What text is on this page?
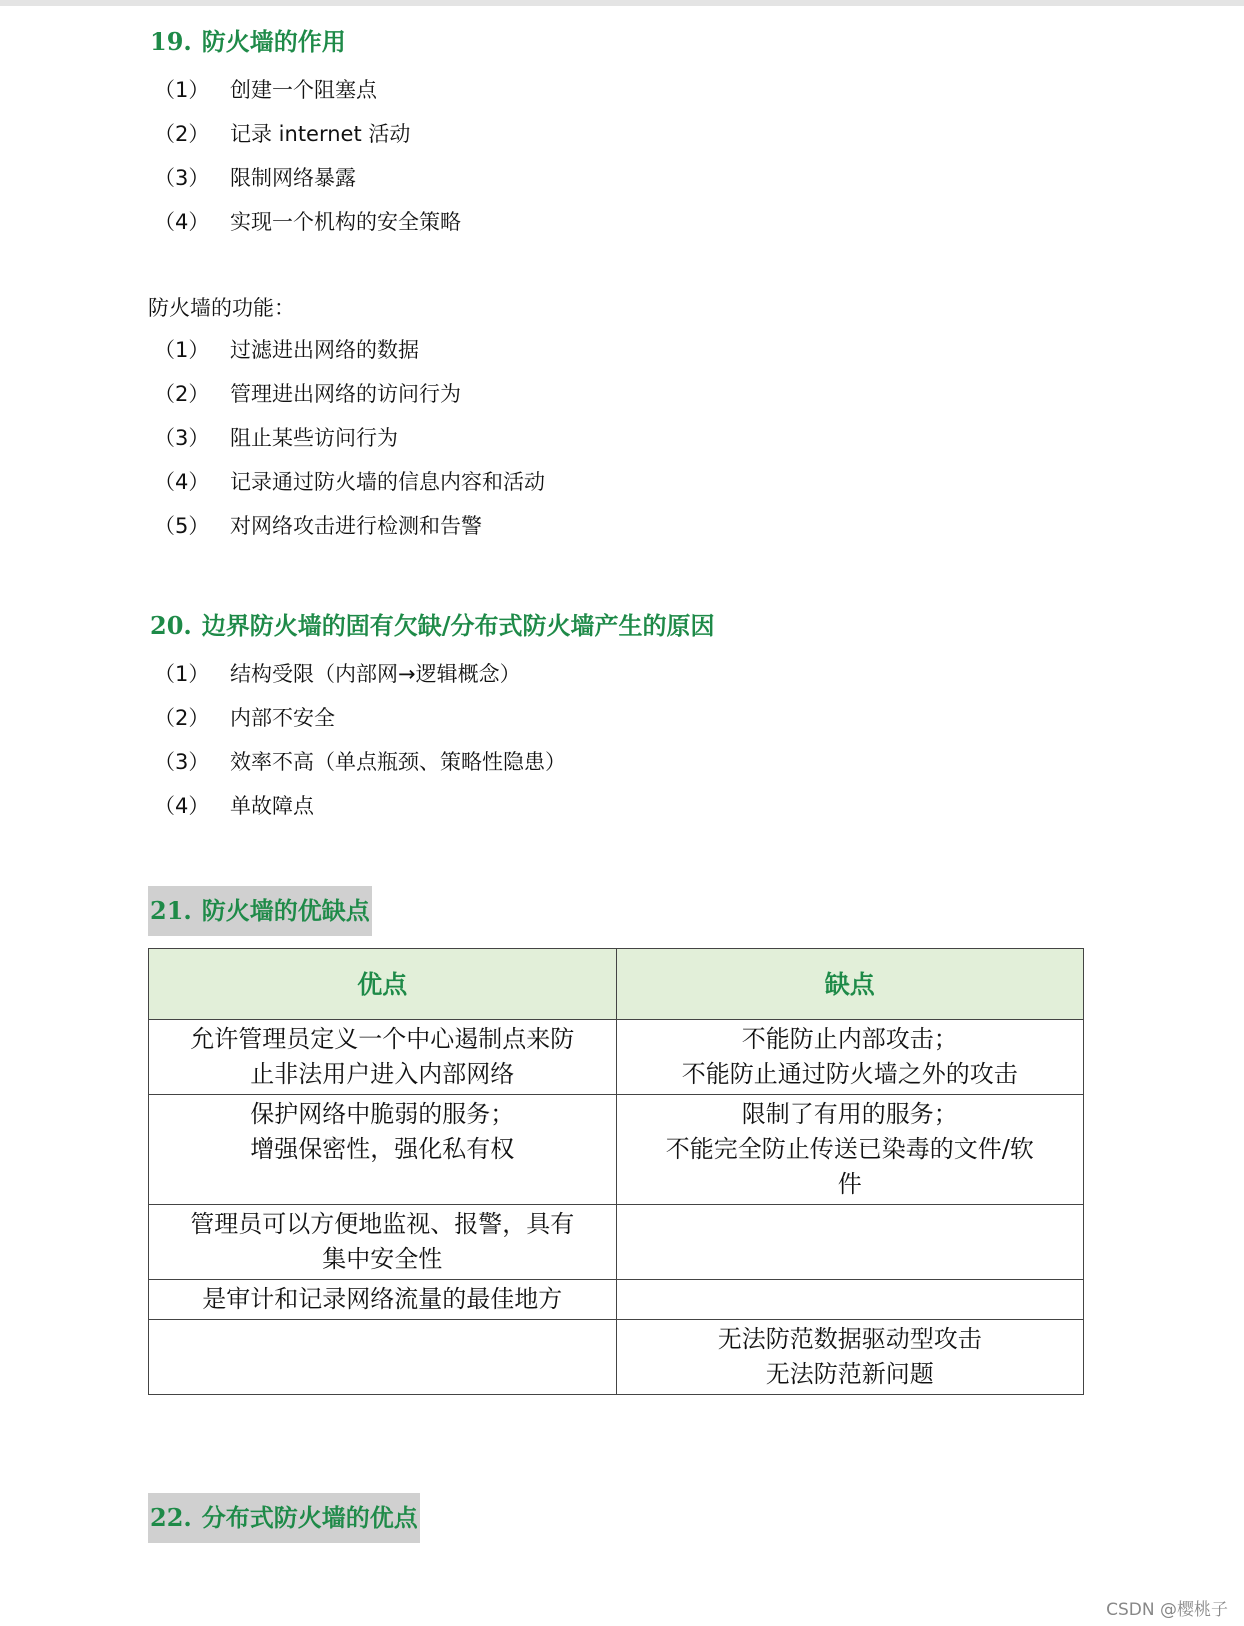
19. 防火墙的作用
（1） 创建一个阻塞点
（2） 记录 internet 活动
（3） 限制网络暴露
（4） 实现一个机构的安全策略

防火墙的功能：

（1） 过滤进出网络的数据
（2） 管理进出网络的访问行为
（3） 阻止某些访问行为
（4） 记录通过防火墙的信息内容和活动
（5） 对网络攻击进行检测和告警
20. 边界防火墙的固有欠缺/分布式防火墙产生的原因
（1） 结构受限（内部网→逻辑概念）
（2） 内部不安全
（3） 效率不高（单点瓶颈、策略性隐患）
（4） 单故障点
21. 防火墙的优缺点
优点	缺点

允许管理员定义一个中心遏制点来防
止非法用户进入内部网络	不能防止内部攻击；
不能防止通过防火墙之外的攻击

保护网络中脆弱的服务；
增强保密性，强化私有权	限制了有用的服务；
不能完全防止传送已染毒的文件/软
件

管理员可以方便地监视、报警，具有
集中安全性	

是审计和记录网络流量的最佳地方	

	无法防范数据驱动型攻击
无法防范新问题
22. 分布式防火墙的优点
CSDN @樱桃子
